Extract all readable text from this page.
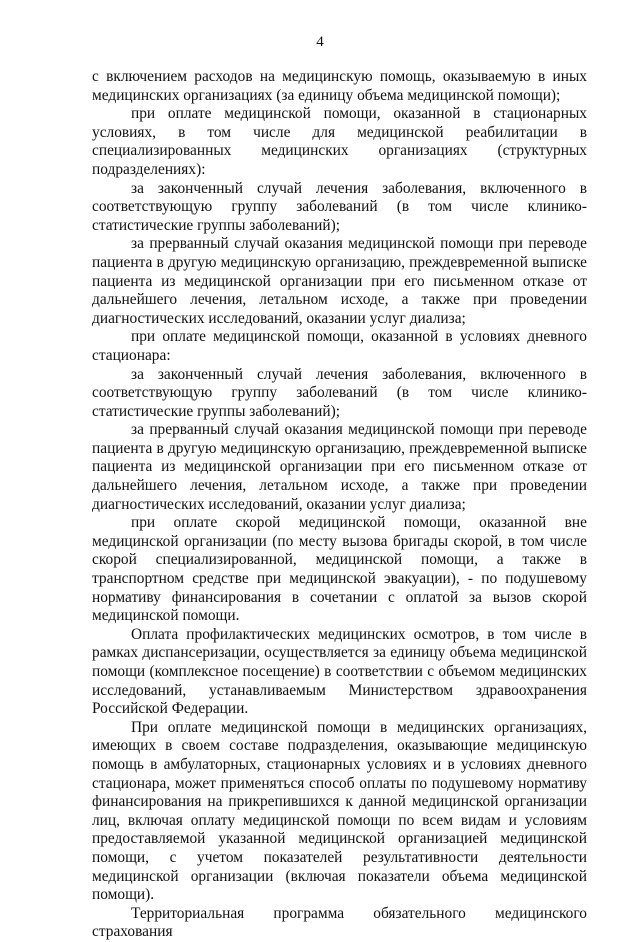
4

с включением расходов на медицинскую помощь, оказываемую в иных медицинских организациях (за единицу объема медицинской помощи);

при оплате медицинской помощи, оказанной в стационарных условиях, в том числе для медицинской реабилитации в специализированных медицинских организациях (структурных подразделениях):

за законченный случай лечения заболевания, включенного в соответствующую группу заболеваний (в том числе клинико-статистические группы заболеваний);

за прерванный случай оказания медицинской помощи при переводе пациента в другую медицинскую организацию, преждевременной выписке пациента из медицинской организации при его письменном отказе от дальнейшего лечения, летальном исходе, а также при проведении диагностических исследований, оказании услуг диализа;

при оплате медицинской помощи, оказанной в условиях дневного стационара:

за законченный случай лечения заболевания, включенного в соответствующую группу заболеваний (в том числе клинико-статистические группы заболеваний);

за прерванный случай оказания медицинской помощи при переводе пациента в другую медицинскую организацию, преждевременной выписке пациента из медицинской организации при его письменном отказе от дальнейшего лечения, летальном исходе, а также при проведении диагностических исследований, оказании услуг диализа;

при оплате скорой медицинской помощи, оказанной вне медицинской организации (по месту вызова бригады скорой, в том числе скорой специализированной, медицинской помощи, а также в транспортном средстве при медицинской эвакуации), - по подушевому нормативу финансирования в сочетании с оплатой за вызов скорой медицинской помощи.

Оплата профилактических медицинских осмотров, в том числе в рамках диспансеризации, осуществляется за единицу объема медицинской помощи (комплексное посещение) в соответствии с объемом медицинских исследований, устанавливаемым Министерством здравоохранения Российской Федерации.

При оплате медицинской помощи в медицинских организациях, имеющих в своем составе подразделения, оказывающие медицинскую помощь в амбулаторных, стационарных условиях и в условиях дневного стационара, может применяться способ оплаты по подушевому нормативу финансирования на прикрепившихся к данной медицинской организации лиц, включая оплату медицинской помощи по всем видам и условиям предоставляемой указанной медицинской организацией медицинской помощи, с учетом показателей результативности деятельности медицинской организации (включая показатели объема медицинской помощи).

Территориальная программа обязательного медицинского страхования
